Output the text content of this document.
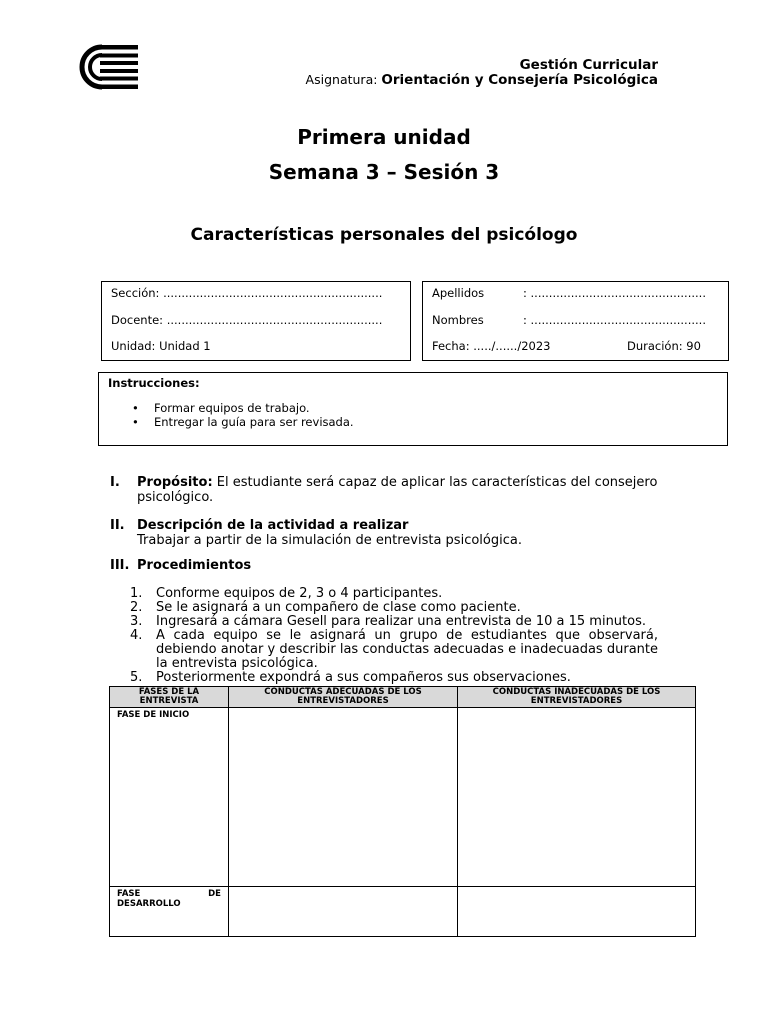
Gestión Curricular
Asignatura: Orientación y Consejería Psicológica
Primera unidad
Semana 3 – Sesión 3
Características personales del psicólogo
Sección: ............................................................
Docente: ...........................................................
Unidad: Unidad 1
Apellidos	: ................................................
Nombres	: ................................................
Fecha: ...../....../2023	Duración: 90
Instrucciones:
• Formar equipos de trabajo.
• Entregar la guía para ser revisada.
I. Propósito: El estudiante será capaz de aplicar las características del consejero psicológico.
II. Descripción de la actividad a realizar
Trabajar a partir de la simulación de entrevista psicológica.
III. Procedimientos
1. Conforme equipos de 2, 3 o 4 participantes.
2. Se le asignará a un compañero de clase como paciente.
3. Ingresará a cámara Gesell para realizar una entrevista de 10 a 15 minutos.
4. A cada equipo se le asignará un grupo de estudiantes que observará, debiendo anotar y describir las conductas adecuadas e inadecuadas durante la entrevista psicológica.
5. Posteriormente expondrá a sus compañeros sus observaciones.
FASES DE LA ENTREVISTA	CONDUCTAS ADECUADAS DE LOS ENTREVISTADORES	CONDUCTAS INADECUADAS DE LOS ENTREVISTADORES
FASE DE INICIO		
FASE DE DESARROLLO		
